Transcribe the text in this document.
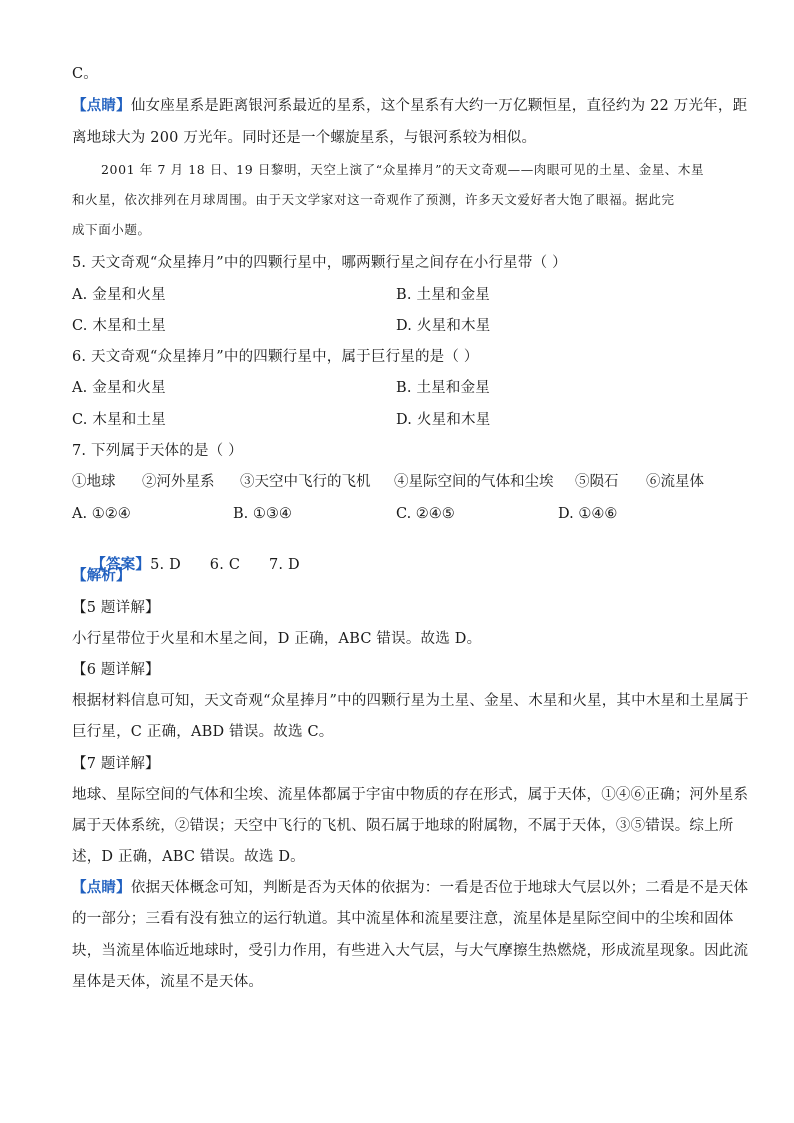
C。
【点睛】仙女座星系是距离银河系最近的星系，这个星系有大约一万亿颗恒星，直径约为 22 万光年，距
离地球大为 200 万光年。同时还是一个螺旋星系，与银河系较为相似。
2001 年 7 月 18 日、19 日黎明，天空上演了“众星捧月”的天文奇观——肉眼可见的土星、金星、木星
和火星，依次排列在月球周围。由于天文学家对这一奇观作了预测，许多天文爱好者大饱了眼福。据此完
成下面小题。
5. 天文奇观“众星捧月”中的四颗行星中，哪两颗行星之间存在小行星带（ ）
A. 金星和火星	B. 土星和金星
C. 木星和土星	D. 火星和木星
6. 天文奇观“众星捧月”中的四颗行星中，属于巨行星的是（ ）
A. 金星和火星	B. 土星和金星
C. 木星和土星	D. 火星和木星
7. 下列属于天体的是（ ）
①地球 ②河外星系 ③天空中飞行的飞机 ④星际空间的气体和尘埃 ⑤陨石 ⑥流星体
A. ①②④	B. ①③④	C. ②④⑤	D. ①④⑥

【答案】5. D      6. C      7. D

【解析】
【5 题详解】
小行星带位于火星和木星之间，D 正确，ABC 错误。故选 D。
【6 题详解】
根据材料信息可知，天文奇观“众星捧月”中的四颗行星为土星、金星、木星和火星，其中木星和土星属于
巨行星，C 正确，ABD 错误。故选 C。
【7 题详解】
地球、星际空间的气体和尘埃、流星体都属于宇宙中物质的存在形式，属于天体，①④⑥正确；河外星系
属于天体系统，②错误；天空中飞行的飞机、陨石属于地球的附属物，不属于天体，③⑤错误。综上所
述，D 正确，ABC 错误。故选 D。
【点睛】依据天体概念可知，判断是否为天体的依据为：一看是否位于地球大气层以外；二看是不是天体
的一部分；三看有没有独立的运行轨道。其中流星体和流星要注意，流星体是星际空间中的尘埃和固体
块，当流星体临近地球时，受引力作用，有些进入大气层，与大气摩擦生热燃烧，形成流星现象。因此流
星体是天体，流星不是天体。
